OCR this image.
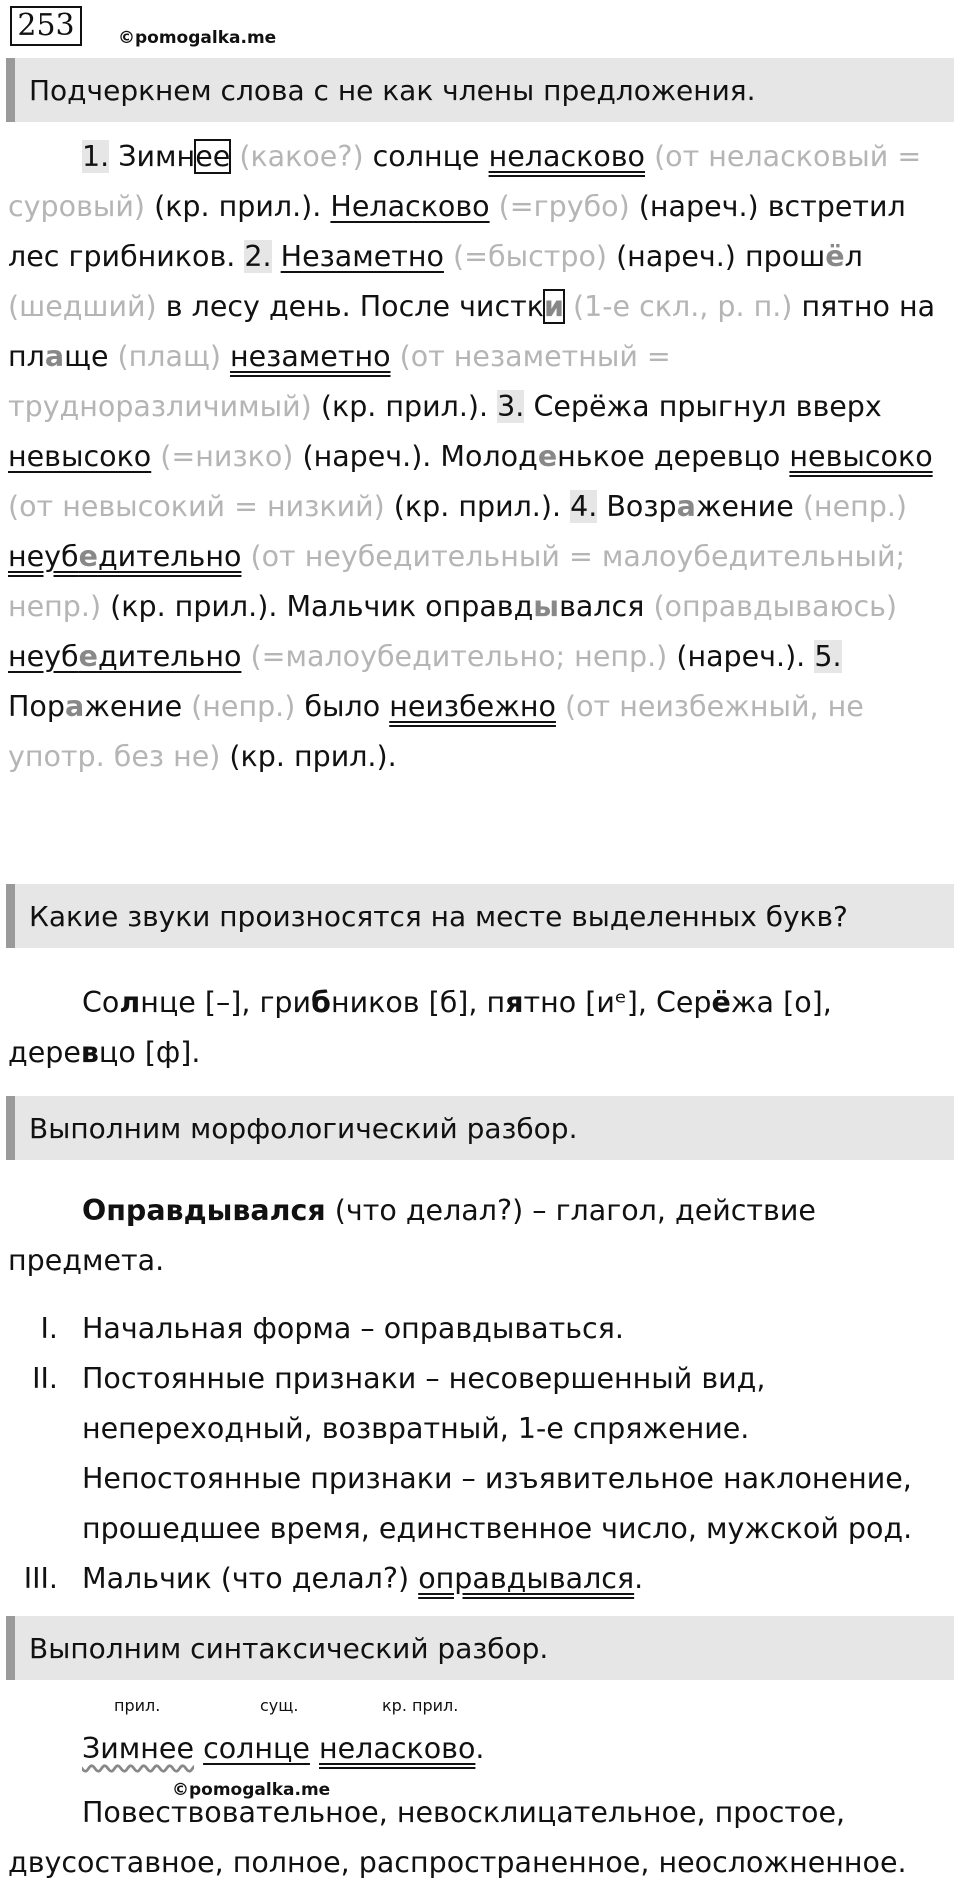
253	©pomogalka.me
Подчеркнем слова с не как члены предложения.

1. Зимнее (какое?) солнце неласково (от неласковый = суровый) (кр. прил.). Неласково (=грубо) (нареч.) встретил лес грибников. 2. Незаметно (=быстро) (нареч.) прошёл (шедший) в лесу день. После чистки (1-е скл., р. п.) пятно на плаще (плащ) незаметно (от незаметный = трудноразличимый) (кр. прил.). 3. Серёжа прыгнул вверх невысоко (=низко) (нареч.). Молоденькое деревцо невысоко (от невысокий = низкий) (кр. прил.). 4. Возражение (непр.) неубедительно (от неубедительный = малоубедительный; непр.) (кр. прил.). Мальчик оправдывался (оправдываюсь) неубедительно (=малоубедительно; непр.) (нареч.). 5. Поражение (непр.) было неизбежно (от неизбежный, не употр. без не) (кр. прил.).

Какие звуки произносятся на месте выделенных букв?

Солнце [–], грибников [б], пятно [иᵉ], Серёжа [о], деревцо [ф].

Выполним морфологический разбор.

Оправдывался (что делал?) – глагол, действие предмета.

I. Начальная форма – оправдываться.
II. Постоянные признаки – несовершенный вид, непереходный, возвратный, 1-е спряжение.
Непостоянные признаки – изъявительное наклонение, прошедшее время, единственное число, мужской род.
III. Мальчик (что делал?) оправдывался.
Выполним синтаксический разбор.
прил.	сущ.	кр. прил.

Зимнее солнце неласково.

©pomogalka.me

Повествовательное, невосклицательное, простое, двусоставное, полное, распространенное, неосложненное.
